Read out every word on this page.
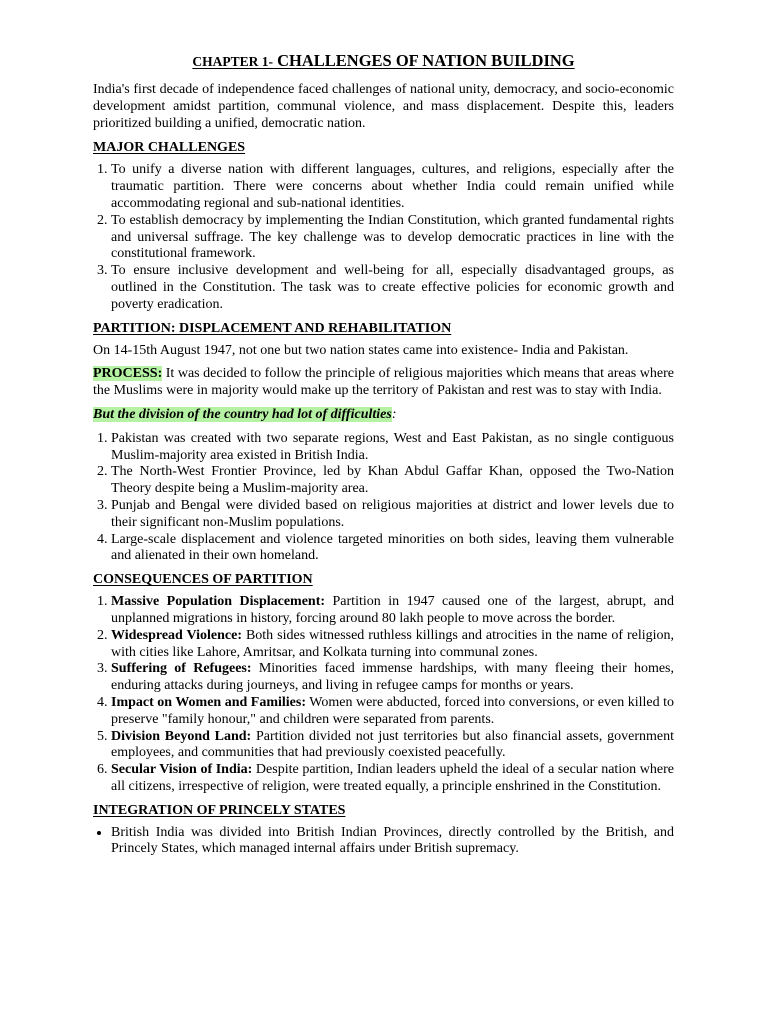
CHAPTER 1- CHALLENGES OF NATION BUILDING

India's first decade of independence faced challenges of national unity, democracy, and socio-economic development amidst partition, communal violence, and mass displacement. Despite this, leaders prioritized building a unified, democratic nation.

MAJOR CHALLENGES
1. To unify a diverse nation with different languages, cultures, and religions, especially after the traumatic partition. There were concerns about whether India could remain unified while accommodating regional and sub-national identities.
2. To establish democracy by implementing the Indian Constitution, which granted fundamental rights and universal suffrage. The key challenge was to develop democratic practices in line with the constitutional framework.
3. To ensure inclusive development and well-being for all, especially disadvantaged groups, as outlined in the Constitution. The task was to create effective policies for economic growth and poverty eradication.
PARTITION: DISPLACEMENT AND REHABILITATION

On 14-15th August 1947, not one but two nation states came into existence- India and Pakistan.

PROCESS: It was decided to follow the principle of religious majorities which means that areas where the Muslims were in majority would make up the territory of Pakistan and rest was to stay with India.

But the division of the country had lot of difficulties:

1. Pakistan was created with two separate regions, West and East Pakistan, as no single contiguous Muslim-majority area existed in British India.
2. The North-West Frontier Province, led by Khan Abdul Gaffar Khan, opposed the Two-Nation Theory despite being a Muslim-majority area.
3. Punjab and Bengal were divided based on religious majorities at district and lower levels due to their significant non-Muslim populations.
4. Large-scale displacement and violence targeted minorities on both sides, leaving them vulnerable and alienated in their own homeland.
CONSEQUENCES OF PARTITION
1. Massive Population Displacement: Partition in 1947 caused one of the largest, abrupt, and unplanned migrations in history, forcing around 80 lakh people to move across the border.
2. Widespread Violence: Both sides witnessed ruthless killings and atrocities in the name of religion, with cities like Lahore, Amritsar, and Kolkata turning into communal zones.
3. Suffering of Refugees: Minorities faced immense hardships, with many fleeing their homes, enduring attacks during journeys, and living in refugee camps for months or years.
4. Impact on Women and Families: Women were abducted, forced into conversions, or even killed to preserve "family honour," and children were separated from parents.
5. Division Beyond Land: Partition divided not just territories but also financial assets, government employees, and communities that had previously coexisted peacefully.
6. Secular Vision of India: Despite partition, Indian leaders upheld the ideal of a secular nation where all citizens, irrespective of religion, were treated equally, a principle enshrined in the Constitution.
INTEGRATION OF PRINCELY STATES
• British India was divided into British Indian Provinces, directly controlled by the British, and Princely States, which managed internal affairs under British supremacy.
